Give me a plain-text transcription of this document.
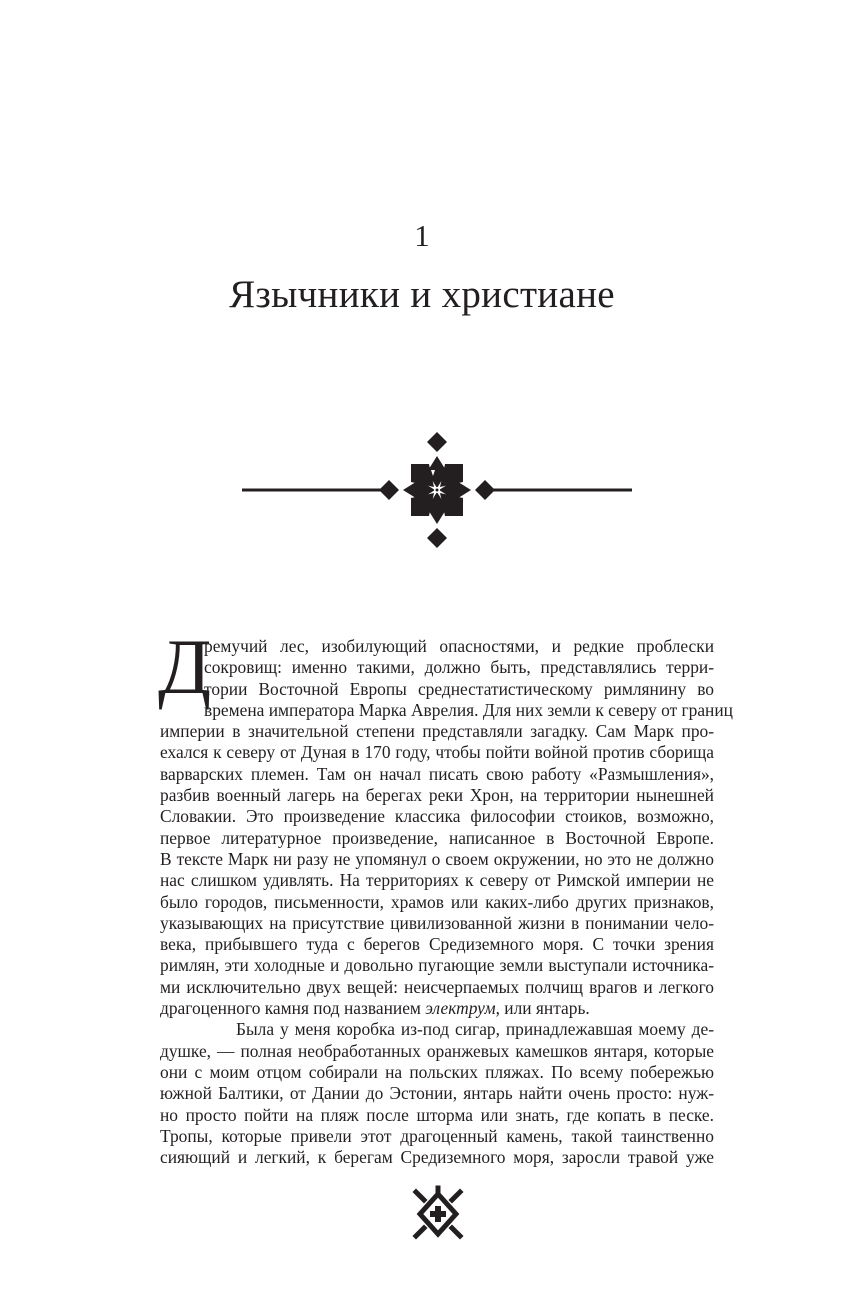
1
Язычники и христиане

Д
ремучий лес, изобилующий опасностями, и редкие проблески
сокровищ: именно такими, должно быть, представлялись терри-
тории Восточной Европы среднестатистическому римлянину во
времена императора Марка Аврелия. Для них земли к северу от границ
империи в значительной степени представляли загадку. Сам Марк про-
ехался к северу от Дуная в 170 году, чтобы пойти войной против сборища
варварских племен. Там он начал писать свою работу «Размышления»,
разбив военный лагерь на берегах реки Хрон, на территории нынешней
Словакии. Это произведение классика философии стоиков, возможно,
первое литературное произведение, написанное в Восточной Европе.
В тексте Марк ни разу не упомянул о своем окружении, но это не должно
нас слишком удивлять. На территориях к северу от Римской империи не
было городов, письменности, храмов или каких-либо других признаков,
указывающих на присутствие цивилизованной жизни в понимании чело-
века, прибывшего туда с берегов Средиземного моря. С точки зрения
римлян, эти холодные и довольно пугающие земли выступали источника-
ми исключительно двух вещей: неисчерпаемых полчищ врагов и легкого
драгоценного камня под названием электрум, или янтарь.

Была у меня коробка из-под сигар, принадлежавшая моему де-
душке, — полная необработанных оранжевых камешков янтаря, которые
они с моим отцом собирали на польских пляжах. По всему побережью
южной Балтики, от Дании до Эстонии, янтарь найти очень просто: нуж-
но просто пойти на пляж после шторма или знать, где копать в песке.
Тропы, которые привели этот драгоценный камень, такой таинственно
сияющий и легкий, к берегам Средиземного моря, заросли травой уже
